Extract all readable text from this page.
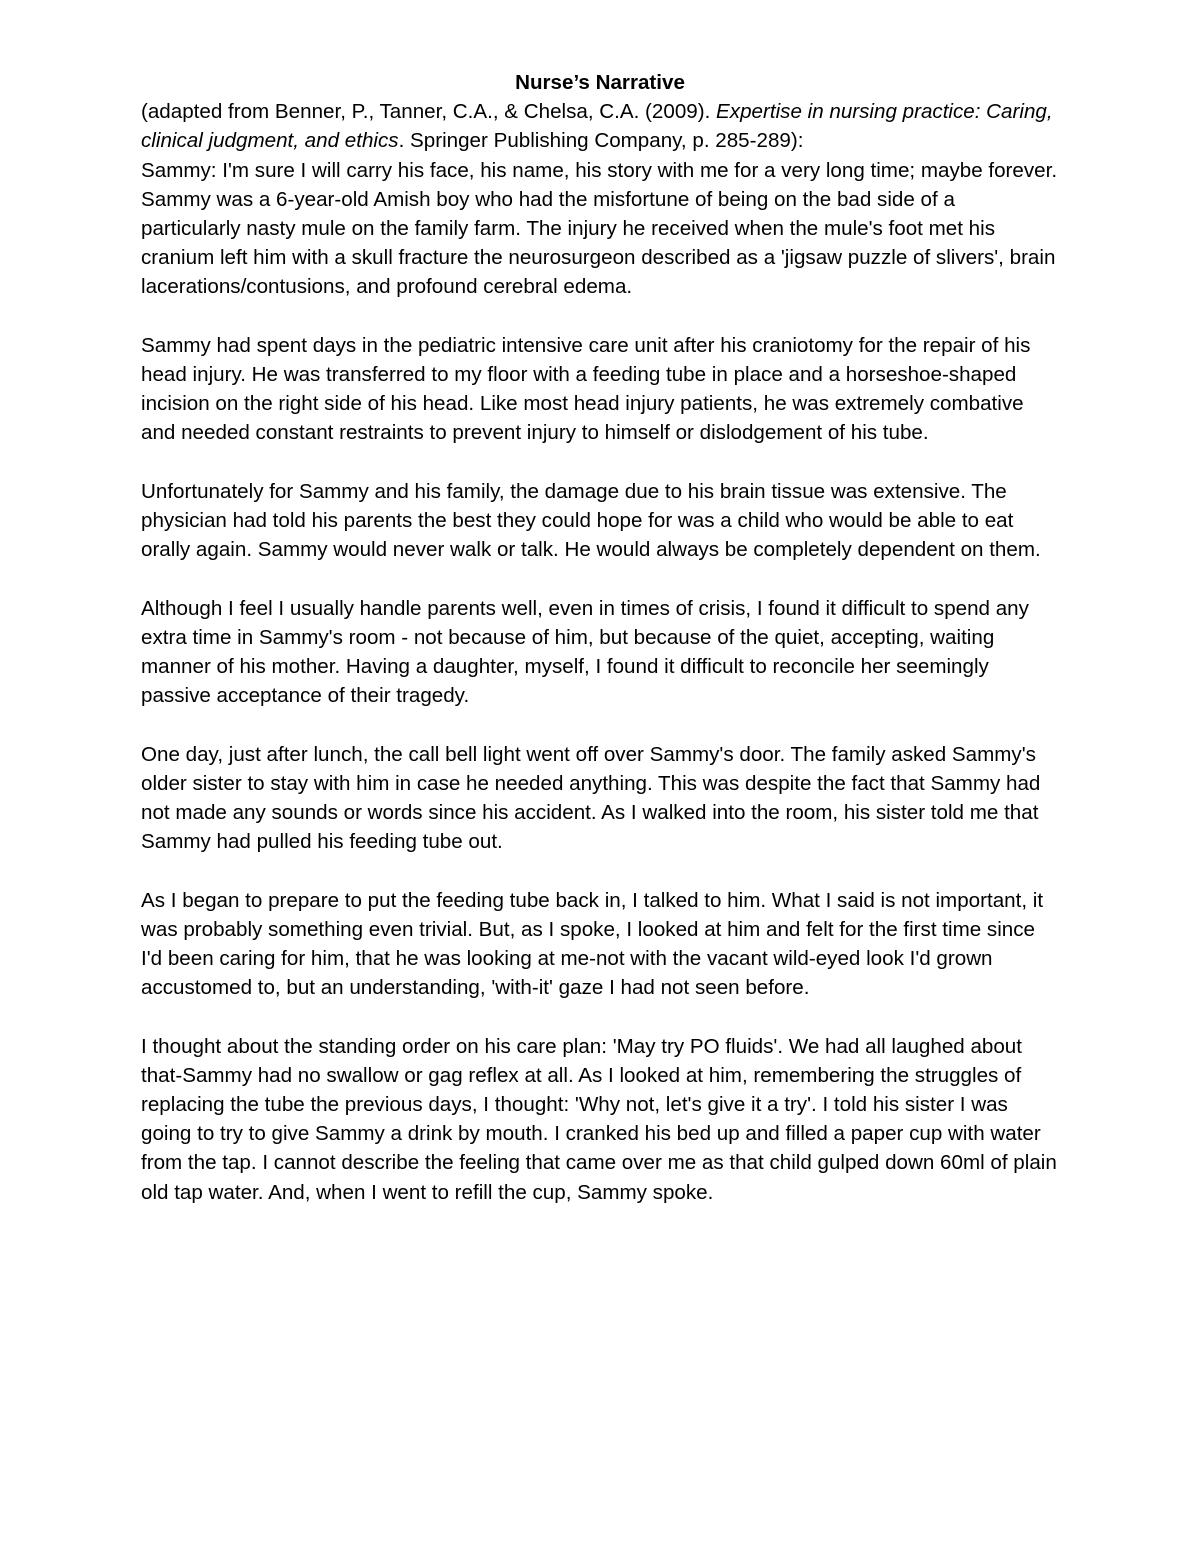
Nurse’s Narrative

(adapted from Benner, P., Tanner, C.A., & Chelsa, C.A. (2009). Expertise in nursing practice: Caring, clinical judgment, and ethics. Springer Publishing Company, p. 285-289):

Sammy: I'm sure I will carry his face, his name, his story with me for a very long time; maybe forever. Sammy was a 6-year-old Amish boy who had the misfortune of being on the bad side of a particularly nasty mule on the family farm. The injury he received when the mule's foot met his cranium left him with a skull fracture the neurosurgeon described as a 'jigsaw puzzle of slivers', brain lacerations/contusions, and profound cerebral edema.

Sammy had spent days in the pediatric intensive care unit after his craniotomy for the repair of his head injury. He was transferred to my floor with a feeding tube in place and a horseshoe-shaped incision on the right side of his head. Like most head injury patients, he was extremely combative and needed constant restraints to prevent injury to himself or dislodgement of his tube.

Unfortunately for Sammy and his family, the damage due to his brain tissue was extensive. The physician had told his parents the best they could hope for was a child who would be able to eat orally again. Sammy would never walk or talk. He would always be completely dependent on them.

Although I feel I usually handle parents well, even in times of crisis, I found it difficult to spend any extra time in Sammy's room - not because of him, but because of the quiet, accepting, waiting manner of his mother. Having a daughter, myself, I found it difficult to reconcile her seemingly passive acceptance of their tragedy.

One day, just after lunch, the call bell light went off over Sammy's door. The family asked Sammy's older sister to stay with him in case he needed anything. This was despite the fact that Sammy had not made any sounds or words since his accident. As I walked into the room, his sister told me that Sammy had pulled his feeding tube out.

As I began to prepare to put the feeding tube back in, I talked to him. What I said is not important, it was probably something even trivial. But, as I spoke, I looked at him and felt for the first time since I'd been caring for him, that he was looking at me-not with the vacant wild-eyed look I'd grown accustomed to, but an understanding, 'with-it' gaze I had not seen before.

I thought about the standing order on his care plan: 'May try PO fluids'. We had all laughed about that-Sammy had no swallow or gag reflex at all. As I looked at him, remembering the struggles of replacing the tube the previous days, I thought: 'Why not, let's give it a try'. I told his sister I was going to try to give Sammy a drink by mouth. I cranked his bed up and filled a paper cup with water from the tap. I cannot describe the feeling that came over me as that child gulped down 60ml of plain old tap water. And, when I went to refill the cup, Sammy spoke.
